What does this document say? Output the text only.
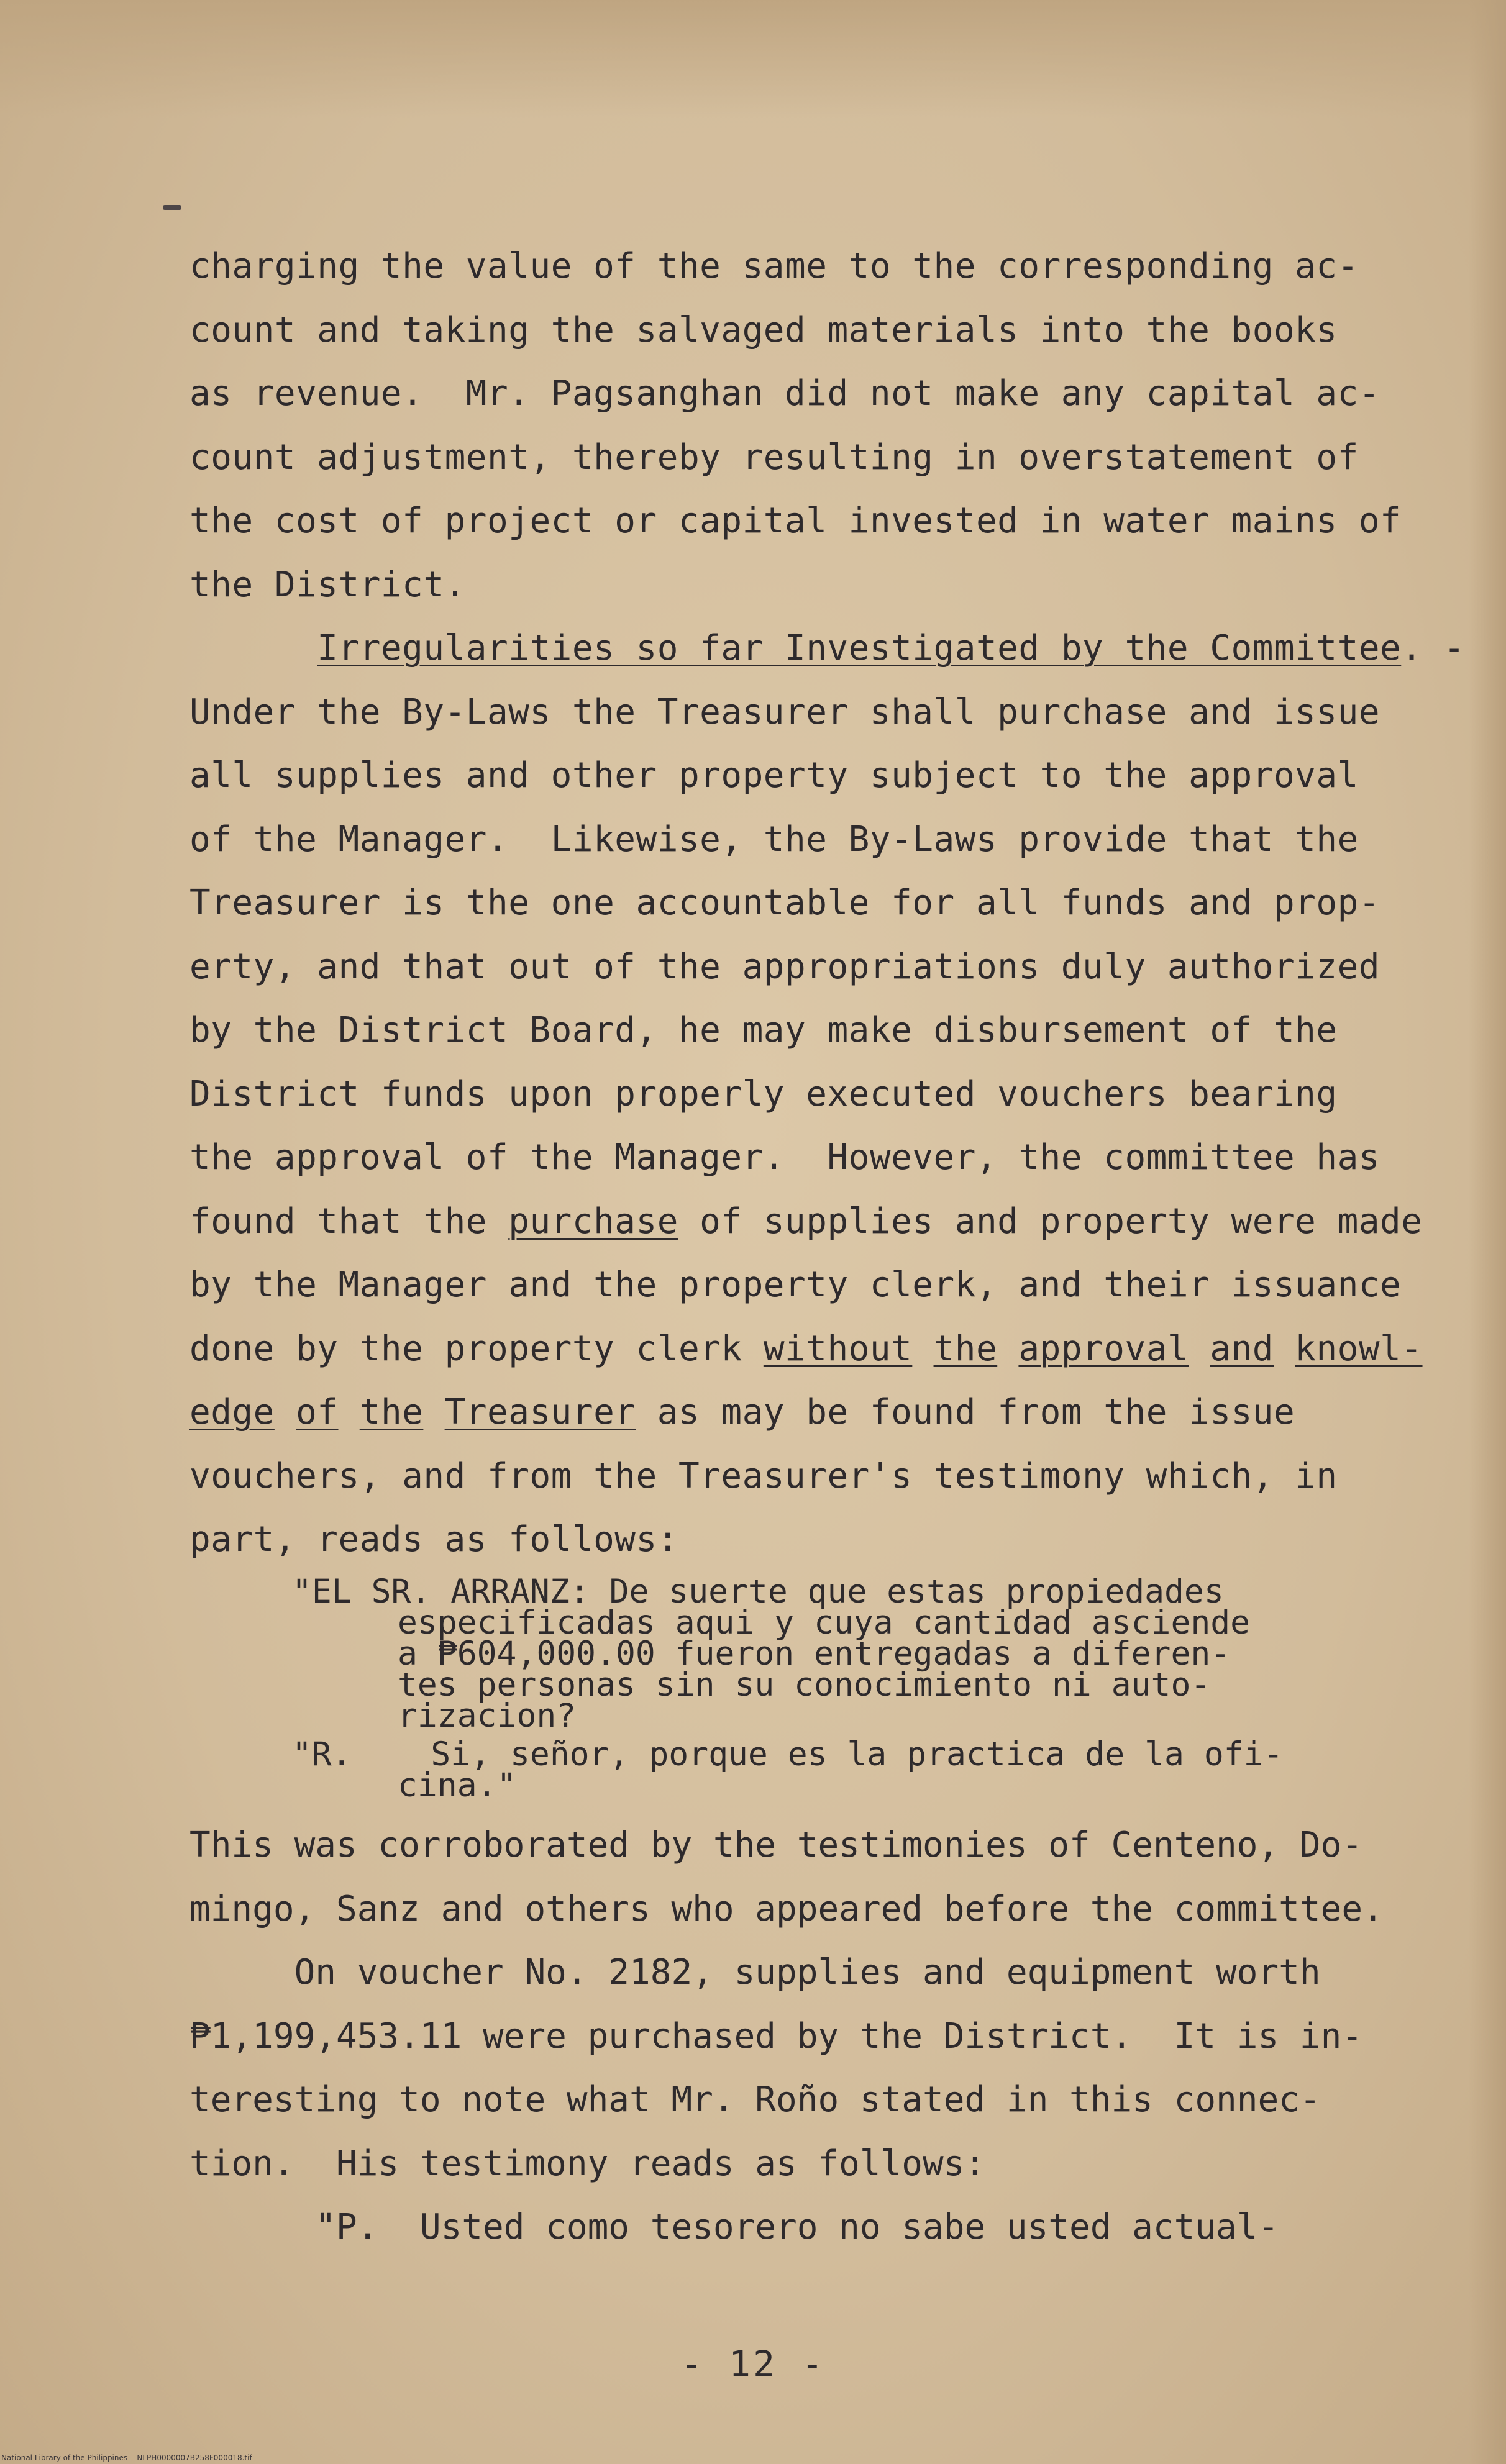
charging the value of the same to the corresponding ac-
count and taking the salvaged materials into the books
as revenue.  Mr. Pagsanghan did not make any capital ac-
count adjustment, thereby resulting in overstatement of
the cost of project or capital invested in water mains of
the District.
Irregularities so far Investigated by the Committee. -
Under the By-Laws the Treasurer shall purchase and issue
all supplies and other property subject to the approval
of the Manager.  Likewise, the By-Laws provide that the
Treasurer is the one accountable for all funds and prop-
erty, and that out of the appropriations duly authorized
by the District Board, he may make disbursement of the
District funds upon properly executed vouchers bearing
the approval of the Manager.  However, the committee has
found that the purchase of supplies and property were made
by the Manager and the property clerk, and their issuance
done by the property clerk without the approval and knowl-
edge of the Treasurer as may be found from the issue
vouchers, and from the Treasurer's testimony which, in
part, reads as follows:
"EL SR. ARRANZ: De suerte que estas propiedades
especificadas aqui y cuya cantidad asciende
a ₱604,000.00 fueron entregadas a diferen-
tes personas sin su conocimiento ni auto-
rizacion?
"R. Si, señor, porque es la practica de la ofi-
cina."
This was corroborated by the testimonies of Centeno, Do-
mingo, Sanz and others who appeared before the committee.
On voucher No. 2182, supplies and equipment worth
₱1,199,453.11 were purchased by the District.  It is in-
teresting to note what Mr. Roño stated in this connec-
tion.  His testimony reads as follows:
"P.  Usted como tesorero no sabe usted actual-
- 12 -
National Library of the Philippines    NLPH0000007B258F000018.tif
